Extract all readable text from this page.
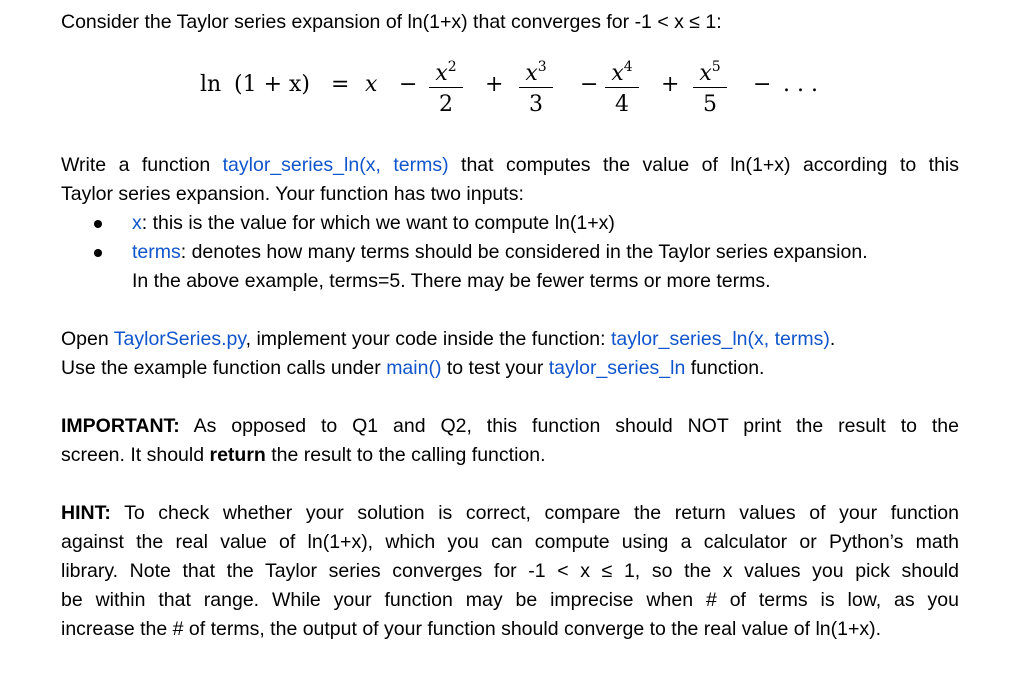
Consider the Taylor series expansion of ln(1+x) that converges for -1 < x ≤ 1:
$\ln (1 + x) = x - x^2$
2
+ $x^3$
3
− $x^4$
4
+ $x^5$
5
− . . .
Write a function taylor_series_ln(x, terms) that computes the value of ln(1+x) according to this
Taylor series expansion. Your function has two inputs:
x: this is the value for which we want to compute ln(1+x)
terms: denotes how many terms should be considered in the Taylor series expansion.
In the above example, terms=5. There may be fewer terms or more terms.
Open TaylorSeries.py, implement your code inside the function: taylor_series_ln(x, terms).
Use the example function calls under main() to test your taylor_series_ln function.
IMPORTANT: As opposed to Q1 and Q2, this function should NOT print the result to the
screen. It should return the result to the calling function.
HINT: To check whether your solution is correct, compare the return values of your function
against the real value of ln(1+x), which you can compute using a calculator or Python’s math
library. Note that the Taylor series converges for -1 < x ≤ 1, so the x values you pick should
be within that range. While your function may be imprecise when # of terms is low, as you
increase the # of terms, the output of your function should converge to the real value of ln(1+x).
